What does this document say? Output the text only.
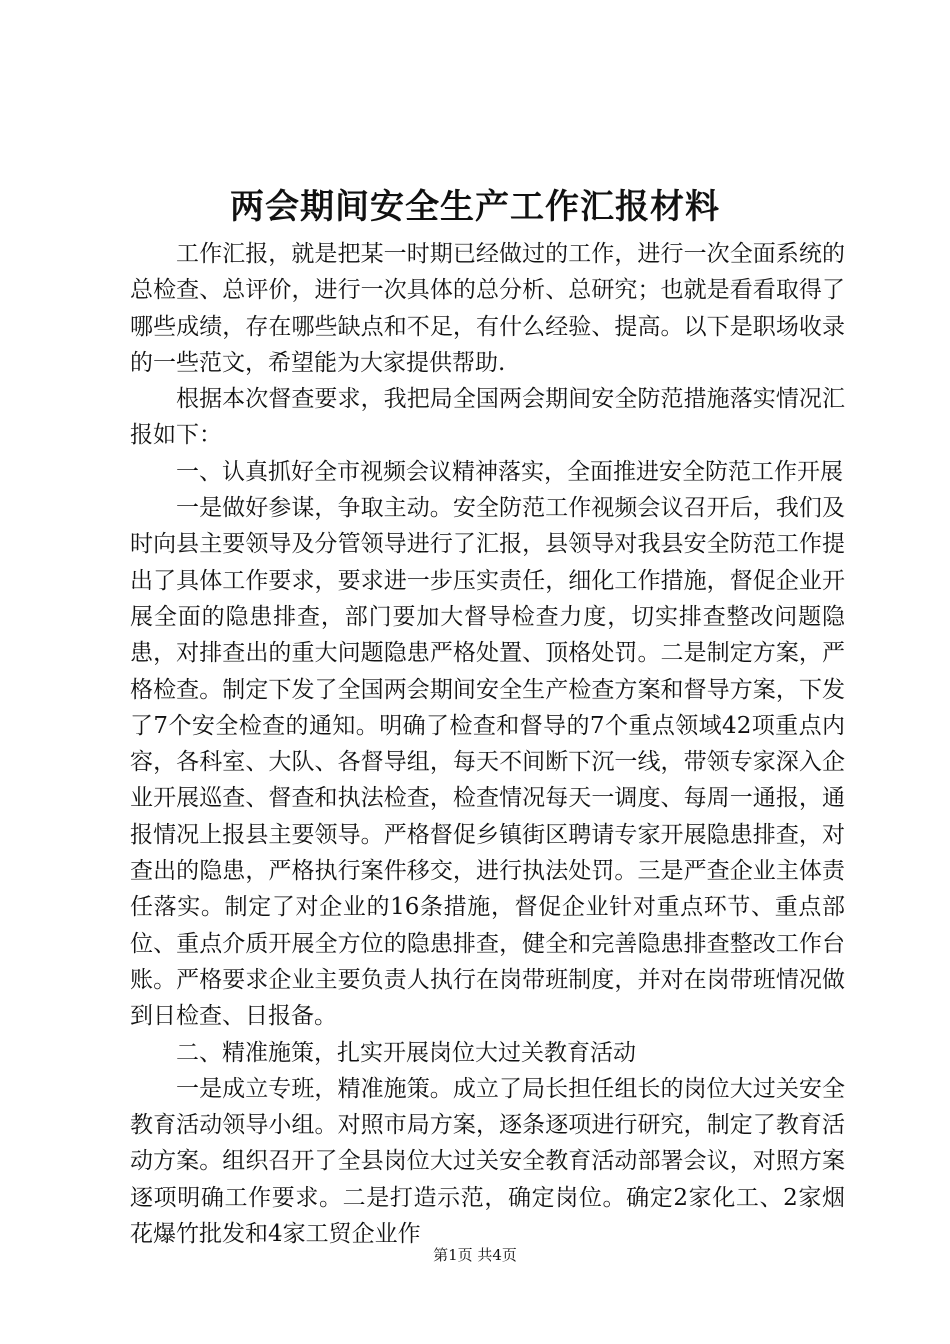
两会期间安全生产工作汇报材料

工作汇报，就是把某一时期已经做过的工作，进行一次全面系统的总检查、总评价，进行一次具体的总分析、总研究；也就是看看取得了哪些成绩，存在哪些缺点和不足，有什么经验、提高。以下是职场收录的一些范文，希望能为大家提供帮助.

根据本次督查要求，我把局全国两会期间安全防范措施落实情况汇报如下：

一、认真抓好全市视频会议精神落实，全面推进安全防范工作开展

一是做好参谋，争取主动。安全防范工作视频会议召开后，我们及时向县主要领导及分管领导进行了汇报，县领导对我县安全防范工作提出了具体工作要求，要求进一步压实责任，细化工作措施，督促企业开展全面的隐患排查，部门要加大督导检查力度，切实排查整改问题隐患，对排查出的重大问题隐患严格处置、顶格处罚。二是制定方案，严格检查。制定下发了全国两会期间安全生产检查方案和督导方案，下发了7个安全检查的通知。明确了检查和督导的7个重点领域42项重点内容，各科室、大队、各督导组，每天不间断下沉一线，带领专家深入企业开展巡查、督查和执法检查，检查情况每天一调度、每周一通报，通报情况上报县主要领导。严格督促乡镇街区聘请专家开展隐患排查，对查出的隐患，严格执行案件移交，进行执法处罚。三是严查企业主体责任落实。制定了对企业的16条措施，督促企业针对重点环节、重点部位、重点介质开展全方位的隐患排查，健全和完善隐患排查整改工作台账。严格要求企业主要负责人执行在岗带班制度，并对在岗带班情况做到日检查、日报备。

二、精准施策，扎实开展岗位大过关教育活动

一是成立专班，精准施策。成立了局长担任组长的岗位大过关安全教育活动领导小组。对照市局方案，逐条逐项进行研究，制定了教育活动方案。组织召开了全县岗位大过关安全教育活动部署会议，对照方案逐项明确工作要求。二是打造示范，确定岗位。确定2家化工、2家烟花爆竹批发和4家工贸企业作

第1页 共4页
